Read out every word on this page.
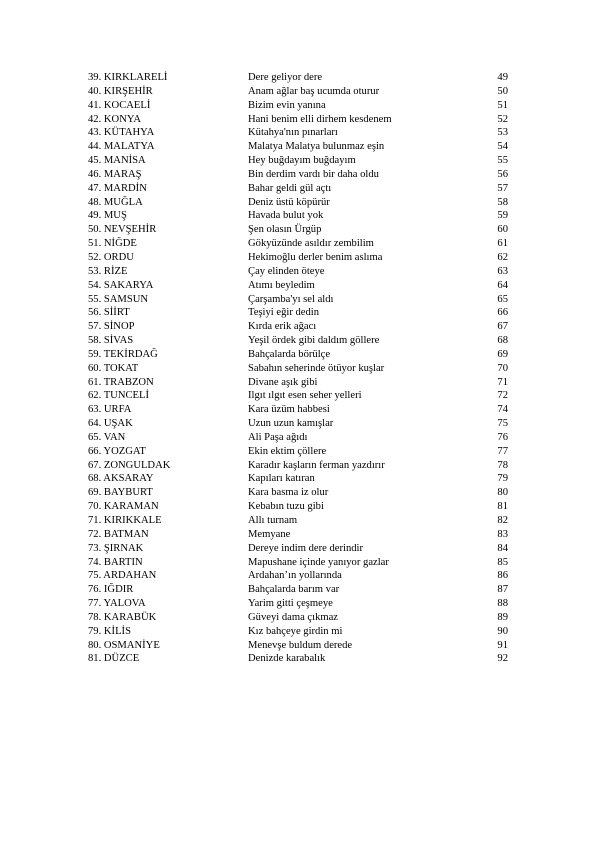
39. KIRKLARELİ	Dere geliyor dere	49
40. KIRŞEHİR	Anam ağlar baş ucumda oturur	50
41. KOCAELİ	Bizim evin yanına	51
42. KONYA	Hani benim elli dirhem kesdenem	52
43. KÜTAHYA	Kütahya'nın pınarları	53
44. MALATYA	Malatya Malatya bulunmaz eşin	54
45. MANİSA	Hey buğdayım buğdayım	55
46. MARAŞ	Bin derdim vardı bir daha oldu	56
47. MARDİN	Bahar geldi gül açtı	57
48. MUĞLA	Deniz üstü köpürür	58
49. MUŞ	Havada bulut yok	59
50. NEVŞEHİR	Şen olasın Ürgüp	60
51. NİĞDE	Gökyüzünde asıldır zembilim	61
52. ORDU	Hekimoğlu derler benim aslıma	62
53. RİZE	Çay elinden öteye	63
54. SAKARYA	Atımı beyledim	64
55. SAMSUN	Çarşamba'yı sel aldı	65
56. SİİRT	Teşiyi eğir dedin	66
57. SİNOP	Kırda erik ağacı	67
58. SİVAS	Yeşil ördek gibi daldım göllere	68
59. TEKİRDAĞ	Bahçalarda börülçe	69
60. TOKAT	Sabahın seherinde ötüyor kuşlar	70
61. TRABZON	Divane aşık gibi	71
62. TUNCELİ	Ilgıt ılgıt esen seher yelleri	72
63. URFA	Kara üzüm habbesi	74
64. UŞAK	Uzun uzun kamışlar	75
65. VAN	Ali Paşa ağıdı	76
66. YOZGAT	Ekin ektim çöllere	77
67. ZONGULDAK	Karadır kaşların ferman yazdırır	78
68. AKSARAY	Kapıları katıran	79
69. BAYBURT	Kara basma iz olur	80
70. KARAMAN	Kebabın tuzu gibi	81
71. KIRIKKALE	Allı turnam	82
72. BATMAN	Memyane	83
73. ŞIRNAK	Dereye indim dere derindir	84
74. BARTIN	Mapushane içinde yanıyor gazlar	85
75. ARDAHAN	Ardahan’ın yollarında	86
76. IĞDIR	Bahçalarda barım var	87
77. YALOVA	Yarim gitti çeşmeye	88
78. KARABÜK	Güveyi dama çıkmaz	89
79. KİLİS	Kız bahçeye girdin mi	90
80. OSMANİYE	Menevşe buldum derede	91
81. DÜZCE	Denizde karabalık	92
